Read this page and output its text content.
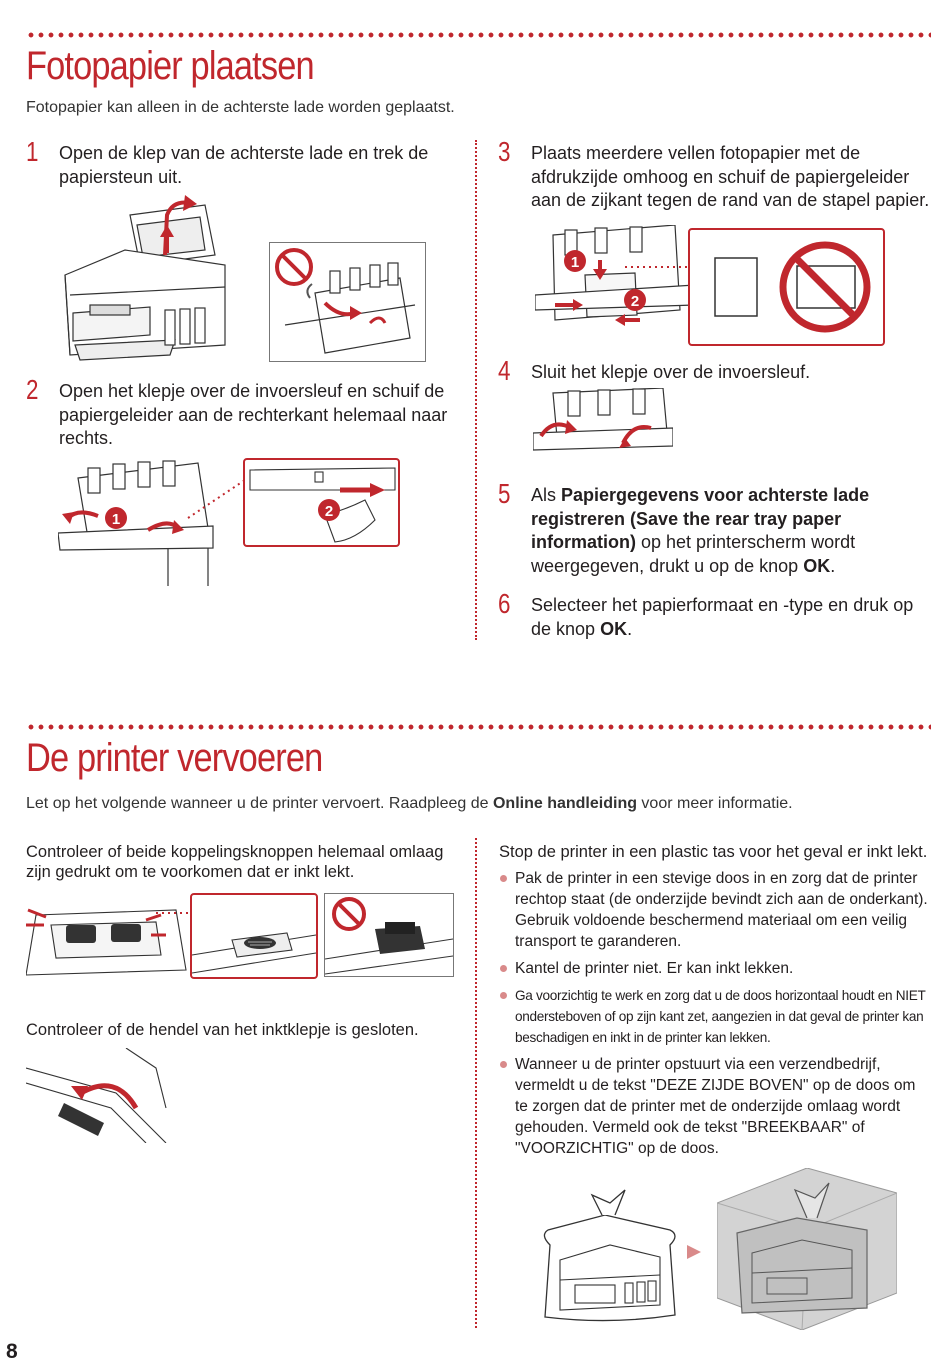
Fotopapier plaatsen
Fotopapier kan alleen in de achterste lade worden geplaatst.
1 Open de klep van de achterste lade en trek de papiersteun uit.
2 Open het klepje over de invoersleuf en schuif de papiergeleider aan de rechterkant helemaal naar rechts.
1	2
3 Plaats meerdere vellen fotopapier met de afdrukzijde omhoog en schuif de papiergeleider aan de zijkant tegen de rand van de stapel papier.
1
2
4 Sluit het klepje over de invoersleuf.
5 Als Papiergegevens voor achterste lade registreren (Save the rear tray paper information) op het printerscherm wordt weergegeven, drukt u op de knop OK.
6 Selecteer het papierformaat en -type en druk op de knop OK.
De printer vervoeren
Let op het volgende wanneer u de printer vervoert. Raadpleeg de Online handleiding voor meer informatie.
Controleer of beide koppelingsknoppen helemaal omlaag zijn gedrukt om te voorkomen dat er inkt lekt.
Controleer of de hendel van het inktklepje is gesloten.
Stop de printer in een plastic tas voor het geval er inkt lekt.
Pak de printer in een stevige doos in en zorg dat de printer rechtop staat (de onderzijde bevindt zich aan de onderkant). Gebruik voldoende beschermend materiaal om een veilig transport te garanderen.
Kantel de printer niet. Er kan inkt lekken.
Ga voorzichtig te werk en zorg dat u de doos horizontaal houdt en NIET ondersteboven of op zijn kant zet, aangezien in dat geval de printer kan beschadigen en inkt in de printer kan lekken.
Wanneer u de printer opstuurt via een verzendbedrijf, vermeldt u de tekst "DEZE ZIJDE BOVEN" op de doos om te zorgen dat de printer met de onderzijde omlaag wordt gehouden. Vermeld ook de tekst "BREEKBAAR" of "VOORZICHTIG" op de doos.
8
